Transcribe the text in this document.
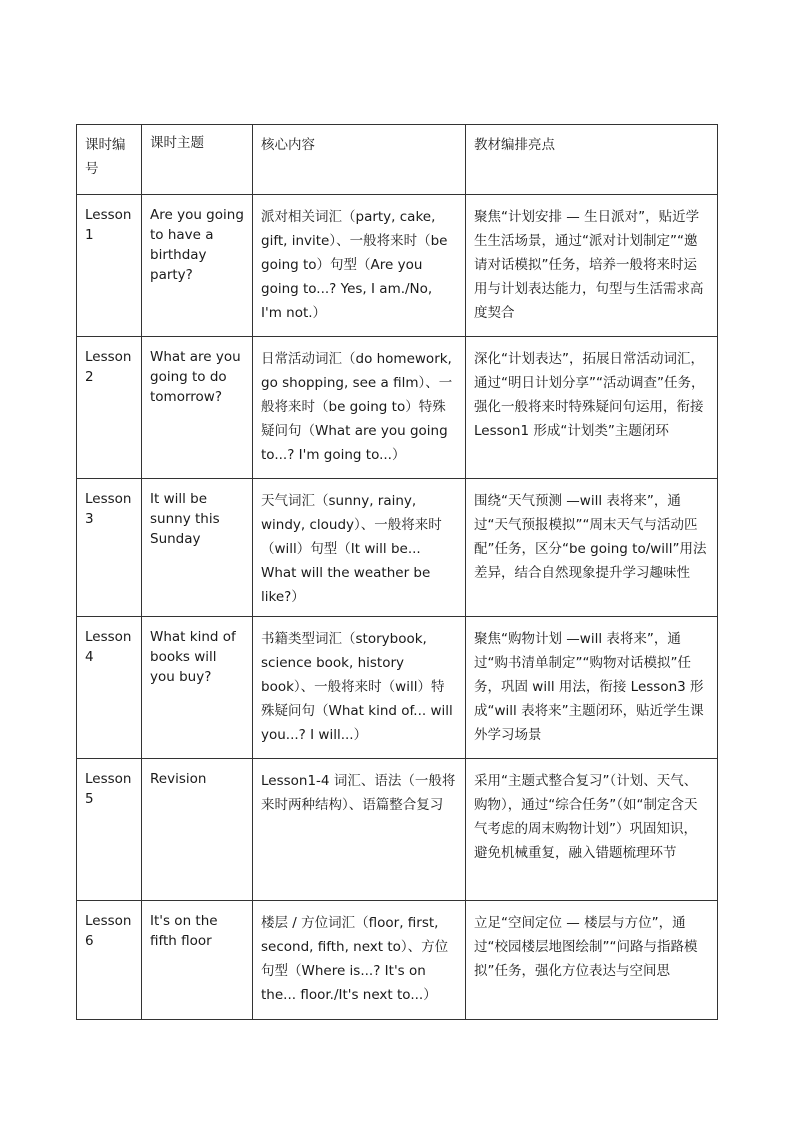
课时编号	课时主题	核心内容	教材编排亮点
Lesson 1	Are you going to have a birthday party?	派对相关词汇（party, cake, gift, invite）、一般将来时（be going to）句型（Are you going to...? Yes, I am./No, I'm not.）	聚焦“计划安排 — 生日派对”，贴近学生生活场景，通过“派对计划制定”“邀请对话模拟”任务，培养一般将来时运用与计划表达能力，句型与生活需求高度契合
Lesson 2	What are you going to do tomorrow?	日常活动词汇（do homework, go shopping, see a film）、一般将来时（be going to）特殊疑问句（What are you going to...? I'm going to...）	深化“计划表达”，拓展日常活动词汇，通过“明日计划分享”“活动调查”任务，强化一般将来时特殊疑问句运用，衔接 Lesson1 形成“计划类”主题闭环
Lesson 3	It will be sunny this Sunday	天气词汇（sunny, rainy, windy, cloudy）、一般将来时（will）句型（It will be... What will the weather be like?）	围绕“天气预测 —will 表将来”，通过“天气预报模拟”“周末天气与活动匹配”任务，区分“be going to/will”用法差异，结合自然现象提升学习趣味性
Lesson 4	What kind of books will you buy?	书籍类型词汇（storybook, science book, history book）、一般将来时（will）特殊疑问句（What kind of... will you...? I will...）	聚焦“购物计划 —will 表将来”，通过“购书清单制定”“购物对话模拟”任务，巩固 will 用法，衔接 Lesson3 形成“will 表将来”主题闭环，贴近学生课外学习场景
Lesson 5	Revision	Lesson1-4 词汇、语法（一般将来时两种结构）、语篇整合复习	采用“主题式整合复习”（计划、天气、购物），通过“综合任务”（如“制定含天气考虑的周末购物计划”）巩固知识，避免机械重复，融入错题梳理环节
Lesson 6	It's on the fifth floor	楼层 / 方位词汇（floor, first, second, fifth, next to）、方位句型（Where is...? It's on the... floor./It's next to...）	立足“空间定位 — 楼层与方位”，通过“校园楼层地图绘制”“问路与指路模拟”任务，强化方位表达与空间思
